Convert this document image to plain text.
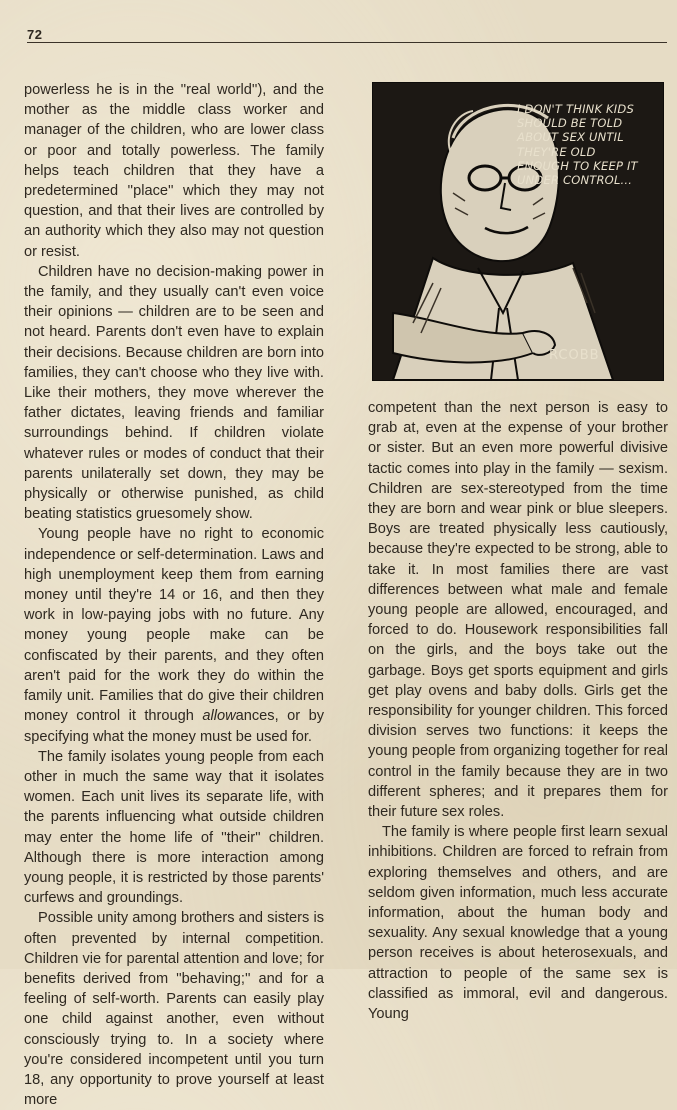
72

powerless he is in the ''real world''), and the mother as the middle class worker and manager of the children, who are lower class or poor and totally powerless. The family helps teach children that they have a predetermined ''place'' which they may not question, and that their lives are controlled by an authority which they also may not question or resist.

Children have no decision-making power in the family, and they usually can't even voice their opinions — children are to be seen and not heard. Parents don't even have to explain their decisions. Because children are born into families, they can't choose who they live with. Like their mothers, they move wherever the father dictates, leaving friends and familiar surroundings behind. If children violate whatever rules or modes of conduct that their parents unilaterally set down, they may be physically or otherwise punished, as child beating statistics gruesomely show.

Young people have no right to economic independence or self-determination. Laws and high unemployment keep them from earning money until they're 14 or 16, and then they work in low-paying jobs with no future. Any money young people make can be confiscated by their parents, and they often aren't paid for the work they do within the family unit. Families that do give their children money control it through allowances, or by specifying what the money must be used for.

The family isolates young people from each other in much the same way that it isolates women. Each unit lives its separate life, with the parents influencing what outside children may enter the home life of ''their'' children. Although there is more interaction among young people, it is restricted by those parents' curfews and groundings.

Possible unity among brothers and sisters is often prevented by internal competition. Children vie for parental attention and love; for benefits derived from ''behaving;'' and for a feeling of self-worth. Parents can easily play one child against another, even without consciously trying to. In a society where you're considered incompetent until you turn 18, any opportunity to prove yourself at least more

I DON'T THINK KIDS SHOULD BE TOLD ABOUT SEX UNTIL THEY'RE OLD ENOUGH TO KEEP IT UNDER CONTROL...
RCOBB

competent than the next person is easy to grab at, even at the expense of your brother or sister. But an even more powerful divisive tactic comes into play in the family — sexism. Children are sex-stereotyped from the time they are born and wear pink or blue sleepers. Boys are treated physically less cautiously, because they're expected to be strong, able to take it. In most families there are vast differences between what male and female young people are allowed, encouraged, and forced to do. Housework responsibilities fall on the girls, and the boys take out the garbage. Boys get sports equipment and girls get play ovens and baby dolls. Girls get the responsibility for younger children. This forced division serves two functions: it keeps the young people from organizing together for real control in the family because they are in two different spheres; and it prepares them for their future sex roles.

The family is where people first learn sexual inhibitions. Children are forced to refrain from exploring themselves and others, and are seldom given information, much less accurate information, about the human body and sexuality. Any sexual knowledge that a young person receives is about heterosexuals, and attraction to people of the same sex is classified as immoral, evil and dangerous. Young
